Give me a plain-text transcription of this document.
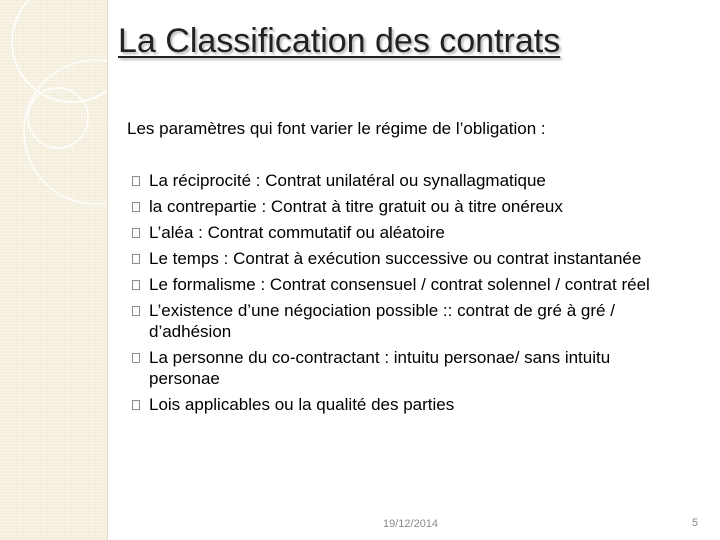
La Classification des contrats
Les paramètres qui font varier le régime de l’obligation :
La réciprocité : Contrat unilatéral ou synallagmatique
la contrepartie : Contrat à titre gratuit ou à titre onéreux
L’aléa : Contrat commutatif ou aléatoire
Le temps : Contrat à exécution successive ou contrat instantanée
Le formalisme : Contrat consensuel / contrat solennel / contrat réel
L’existence d’une négociation possible :: contrat de gré à gré / d’adhésion
La personne du co-contractant : intuitu personae/ sans intuitu personae
Lois applicables ou la qualité des parties
19/12/2014	5
